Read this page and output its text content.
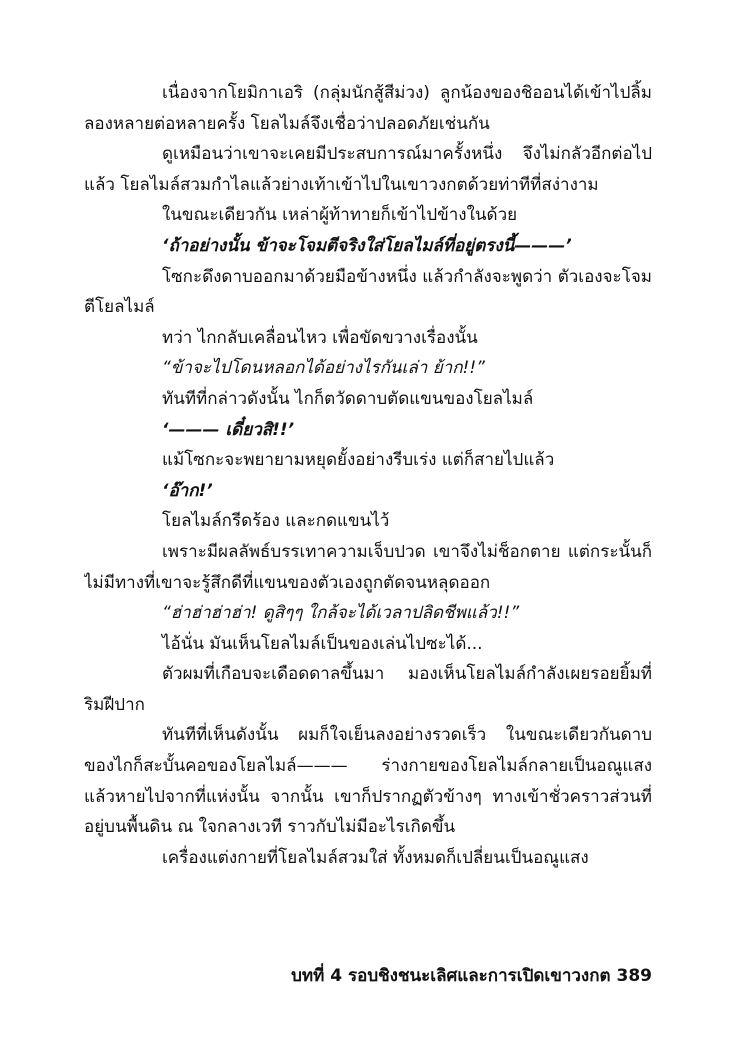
เนื่องจากโยมิกาเอริ (กลุ่มนักสู้สีม่วง) ลูกน้องของชิออนได้เข้าไปลิ้มลองหลายต่อหลายครั้ง โยลไมล์จึงเชื่อว่าปลอดภัยเช่นกัน

ดูเหมือนว่าเขาจะเคยมีประสบการณ์มาครั้งหนึ่ง จึงไม่กลัวอีกต่อไปแล้ว โยลไมล์สวมกำไลแล้วย่างเท้าเข้าไปในเขาวงกตด้วยท่าทีที่สง่างาม

ในขณะเดียวกัน เหล่าผู้ท้าทายก็เข้าไปข้างในด้วย

‘ถ้าอย่างนั้น ข้าจะโจมตีจริงใส่โยลไมล์ที่อยู่ตรงนี้———’

โซกะดึงดาบออกมาด้วยมือข้างหนึ่ง แล้วกำลังจะพูดว่า ตัวเองจะโจมตีโยลไมล์

ทว่า ไกกลับเคลื่อนไหว เพื่อขัดขวางเรื่องนั้น

“ข้าจะไปโดนหลอกได้อย่างไรกันเล่า ย้าก!!”

ทันทีที่กล่าวดังนั้น ไกก็ตวัดดาบตัดแขนของโยลไมล์

‘——— เดี๋ยวสิ!!’

แม้โซกะจะพยายามหยุดยั้งอย่างรีบเร่ง แต่ก็สายไปแล้ว

‘อ๊าก!’

โยลไมล์กรีดร้อง และกดแขนไว้

เพราะมีผลลัพธ์บรรเทาความเจ็บปวด เขาจึงไม่ช็อกตาย แต่กระนั้นก็ไม่มีทางที่เขาจะรู้สึกดีที่แขนของตัวเองถูกตัดจนหลุดออก

“ฮ่าฮ่าฮ่าฮ่า! ดูสิๆๆ ใกล้จะได้เวลาปลิดชีพแล้ว!!”

ไอ้นั่น มันเห็นโยลไมล์เป็นของเล่นไปซะได้...

ตัวผมที่เกือบจะเดือดดาลขึ้นมา มองเห็นโยลไมล์กำลังเผยรอยยิ้มที่ริมฝีปาก

ทันทีที่เห็นดังนั้น ผมก็ใจเย็นลงอย่างรวดเร็ว ในขณะเดียวกันดาบของไกก็สะบั้นคอของโยลไมล์——— ร่างกายของโยลไมล์กลายเป็นอณูแสง แล้วหายไปจากที่แห่งนั้น จากนั้น เขาก็ปรากฏตัวข้างๆ ทางเข้าชั่วคราวส่วนที่อยู่บนพื้นดิน ณ ใจกลางเวที ราวกับไม่มีอะไรเกิดขึ้น

เครื่องแต่งกายที่โยลไมล์สวมใส่ ทั้งหมดก็เปลี่ยนเป็นอณูแสง

บทที่ 4 รอบชิงชนะเลิศและการเปิดเขาวงกต 389
